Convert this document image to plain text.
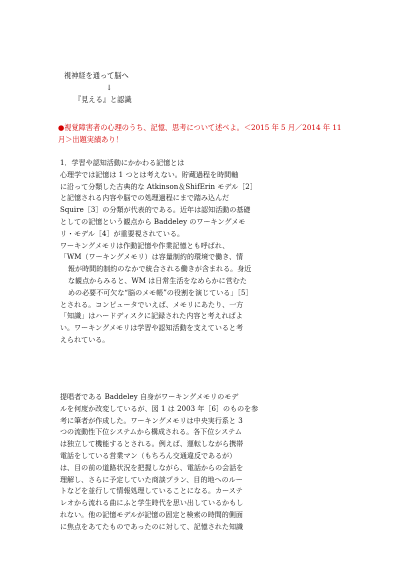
視神経を通って脳へ
↓
『見える』と認識
●視覚障害者の心理のうち、記憶、思考について述べよ。＜2015 年 5 月／2014 年 11
月＞出題実績あり！

1．学習や認知活動にかかわる記憶とは

心理学では記憶は 1 つとは考えない。貯蔵過程を時間軸

に沿って分類した古典的な Atkinson＆ShifErin モデル［2］

と記憶される内容や脳での処理過程にまで踏み込んだ

Squire［3］の分類が代表的である。近年は認知活動の基礎

としての記憶という観点から Baddeley のワーキングメモ

リ・モデル［4］が重要視されている。

ワーキングメモリは作動記憶や作業記憶とも呼ばれ、

「WM（ワーキングメモリ）は容量制約的環境で働き、情

報が時間的制約のなかで統合される働きが含まれる。身近

な観点からみると、WM は日常生活をなめらかに営むた

めの必要不可欠な“脳のメモ帳”の役割を演じている」［5］

とされる。コンピュータでいえば、メモリにあたり、一方

「知識」はハードディスクに記録された内容と考えればよ

い。ワーキングメモリは学習や認知活動を支えていると考

えられている。

提唱者である Baddeley 自身がワーキングメモリのモデ

ルを何度か改変しているが、図 1 は 2003 年［6］のものを参

考に筆者が作成した。ワーキングメモリは中央実行系と 3

つの流動性下位システムから構成される。各下位システム

は独立して機能するとされる。例えば、運転しながら携帯

電話をしている営業マン（もちろん交通違反であるが）

は、目の前の道路状況を把握しながら、電話からの会話を

理解し、さらに予定していた商談プラン、目的地へのルー

トなどを並行して情報処理していることになる。カーステ

レオから流れる曲にふと学生時代を思い出しているかもし

れない。他の記憶モデルが記憶の固定と検索の時間的側面

に焦点をあてたものであったのに対して、記憶された知識
